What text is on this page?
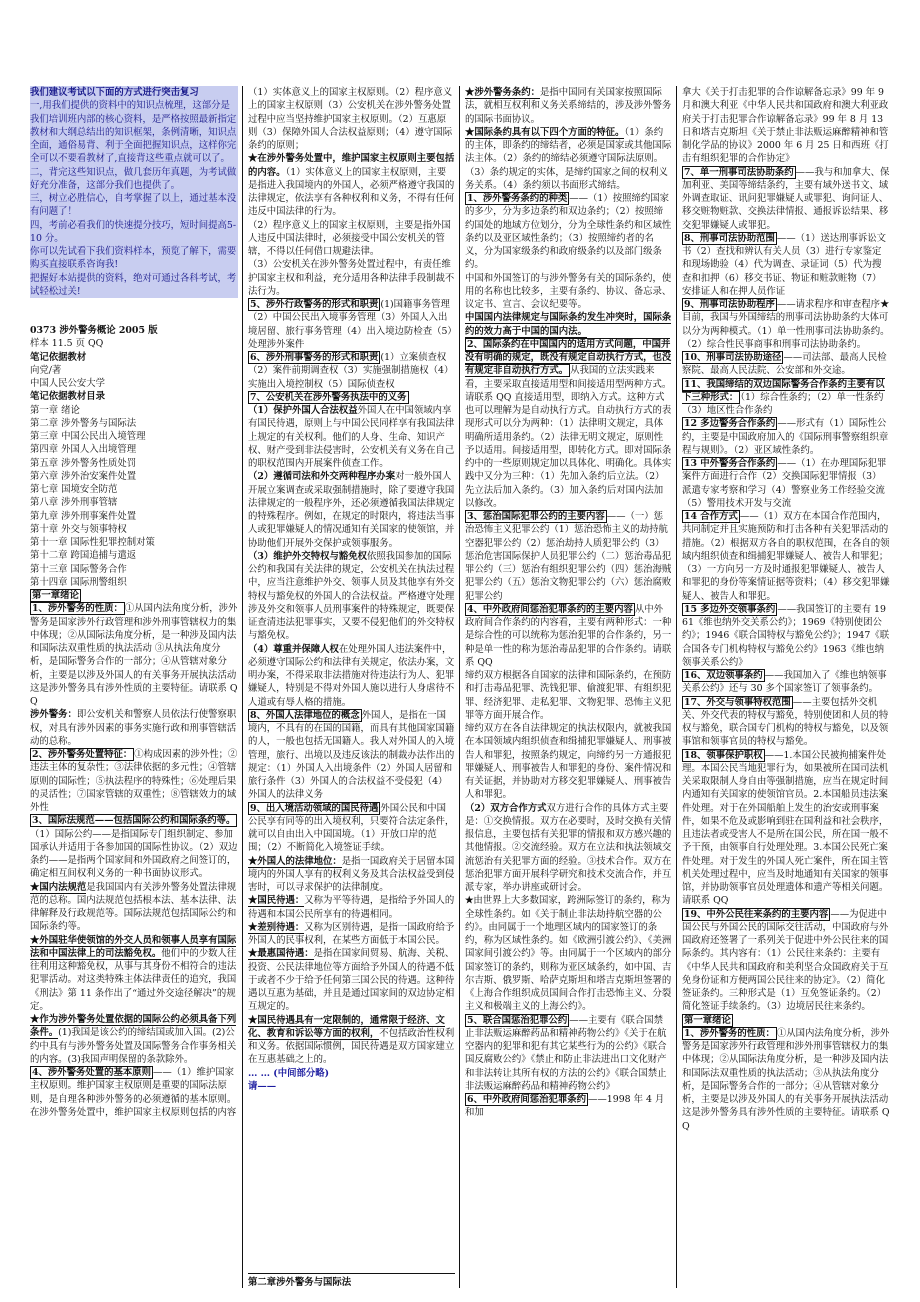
我们建议考试以下面的方式进行突击复习

一,用我们提供的资料中的知识点梳理，这部分是我们培训班内部的核心资料，是严格按照最新指定教材和大纲总结出的知识框架，条例清晰，知识点全面，通俗易背、利于全面把握知识点，这样你完全可以不要看教材了,直接背这些重点就可以了。

二，背完这些知识点，做几套历年真题，为考试做好充分准备，这部分我们也提供了。

三，树立必胜信心，自考掌握了以上，通过基本没有问题了！

四，考前必看我们的快速提分技巧，短时间提高5-10 分。

你可以先试看下我们资料样本，预览了解下，需要购买直接联系咨询我!

把握好本站提供的资料，绝对可通过各科考试，考试轻松过关!

0373 涉外警务概论 2005 版

样本 11.5 页 QQ

笔记依据教材

向党/著

中国人民公安大学

笔记依据教材目录

第一章 绪论

第二章 涉外警务与国际法

第三章 中国公民出入境管理

第四章 外国人入出境管理

第五章 涉外警务性质处罚

第六章 涉外治安案件处置

第七章 国境安全防范

第八章 涉外刑事管辖

第九章 涉外刑事案件处置

第十章 外交与领事特权

第十一章 国际性犯罪控制对策

第十二章 跨国追捕与遣返

第十三章 国际警务合作

第十四章 国际刑警组织

第一章绪论

1、涉外警务的性质： ①从国内法角度分析，涉外警务是国家涉外行政管理和涉外刑事管辖权力的集中体现；②从国际法角度分析，是一种涉及国内法和国际法双重性质的执法活动 ③从执法角度分析，是国际警务合作的一部分；④从管辖对象分析，主要是以涉及外国人的有关事务开展执法活动这是涉外警务具有涉外性质的主要特征。请联系 QQ

涉外警务：即公安机关和警察人员依法行使警察职权，对具有涉外因素的事务实施行政和刑事管辖活动的总称。

2、涉外警务处置特征： ①构成因素的涉外性；②违法主体的复杂性；③法律依据的多元性；④管辖原则的国际性；⑤执法程序的特殊性；⑥处理后果的灵活性；⑦国家管辖的双重性；⑧管辖效力的域外性

3、国际法规范——包括国际公约和国际条约等。（1）国际公约——是指国际专门组织制定、参加国承认并适用于各参加国的国际性协议。（2）双边条约——是指两个国家间和外国政府之间签订的，确定相互间权利义务的一种书面协议形式。

★国内法规范是我国国内有关涉外警务处置法律规范的总称。国内法规范包括根本法、基本法律、法律解释及行政规范等。国际法规范包括国际公约和国际条约等。

★外国驻华使领馆的外交人员和领事人员享有国际法和中国法律上的司法豁免权。他们中的少数人往往利用这种豁免权，从事与其身份不相符合的违法犯罪活动。对这类特殊主体法律责任的追究，我国《刑法》第 11 条作出了“通过外交途径解决”的规定。

★作为涉外警务处置依据的国际公约必须具备下列条件。(1)我国是该公约的缔结国或加入国。(2)公约中具有与涉外警务处置及国际警务合作事务相关的内容。(3)我国声明保留的条款除外。

4、涉外警务处置的基本原则 ——（1）维护国家主权原则。维护国家主权原则是重要的国际法原则，是自理各种涉外警务的必须遵循的基本原则。在涉外警务处置中，维护国家主权原则包括的内容

（1）实体意义上的国家主权原则。（2）程序意义上的国家主权原则（3）公安机关在涉外警务处置过程中应当坚持维护国家主权原则。（2）互惠原则（3）保障外国人合法权益原则；（4）遵守国际条约的原则；

★在涉外警务处置中，维护国家主权原则主要包括的内容。（1）实体意义上的国家主权原则，主要是指进入我国境内的外国人，必须严格遵守我国的法律规定，依法享有各种权利和义务，不得有任何违反中国法律的行为。

（2）程序意义上的国家主权原则，主要是指外国人违反中国法律时，必须接受中国公安机关的管辖，不得以任何借口规避法律。

（3）公安机关在涉外警务处置过程中，有责任维护国家主权和利益，充分适用各种法律手段制裁不法行为。

5、涉外行政警务的形式和职责 (1)国籍事务管理（2）中国公民出入境事务管理（3）外国人入出境居留、旅行事务管理（4）出入境边防检查（5）处理涉外案件

6、涉外刑事警务的形式和职责 (1）立案侦查权（2）案件前期调查权（3）实施强制措施权（4）实施出入境控制权（5）国际侦查权

7、公安机关在涉外警务执法中的义务

（1）保护外国人合法权益外国人在中国领域内享有国民待遇，原则上与中国公民同样享有我国法律上规定的有关权利。他们的人身、生命、知识产权、财产受到非法侵害时，公安机关有义务在自己的职权范围内开展案件侦查工作。

（2）遵循司法和外交两种程序办案对一般外国人开展立案调查或采取强制措施时，除了要遵守我国法律规定的一般程序外，还必须遵循我国法律规定的特殊程序。例如，在规定的时限内，将违法当事人或犯罪嫌疑人的情况通知有关国家的使领馆，并协助他们开展外交保护或领事服务。

（3）维护外交特权与豁免权依照我国参加的国际公约和我国有关法律的规定，公安机关在执法过程中，应当注意维护外交、领事人员及其他享有外交特权与豁免权的外国人的合法权益。严格遵守处理涉及外交和领事人员刑事案件的特殊规定，既要保证查清违法犯罪事实，又要不侵犯他们的外交特权与豁免权。

（4）尊重并保障人权在处理外国人违法案件中，必须遵守国际公约和法律有关规定，依法办案，文明办案，不得采取非法措施对待违法行为人、犯罪嫌疑人，特别是不得对外国人施以进行人身虐待不人道或有辱人格的措施。

8、外国人法律地位的概念 外国人，是指在一国境内，不具有的在国的国籍，而具有其他国家国籍的人，一般也包括无国籍人。我人对外国人的入境管理，旅行、出境以及违反该法的制裁办法作出的规定：（1）外国人入出境条件（2）外国人居留和旅行条件（3）外国人的合法权益不受侵犯（4）外国人的法律义务

9、出入境活动领域的国民待遇 外国公民和中国公民享有同等的出入境权利，只要符合法定条件，就可以自由出入中国国境。（1）开放口岸的范围；（2）不断简化入境签证手续。

★外国人的法律地位：是指一国政府关于居留本国境内的外国人享有的权利义务及其合法权益受到侵害时，可以寻求保护的法律制度。

★国民待遇：又称为平等待遇，是指给予外国人的待遇和本国公民所享有的待遇相同。

★差别待遇：又称为区别待遇，是指一国政府给予外国人的民事权利，在某些方面低于本国公民。

★最惠国待遇：是指在国家间贸易、航海、关税、投资、公民法律地位等方面给予外国人的待遇不低于或者不少于给予任何第三国公民的待遇。这种待遇以互惠为基础，并且是通过国家间的双边协定相互规定的。

★国民待遇具有一定限制的，通常限于经济、文化、教育和诉讼等方面的权利，不包括政治性权利和义务。依据国际惯例，国民待遇是双方国家建立在互惠基础之上的。

… … (中间部分略)

请——

第二章涉外警务与国际法

★涉外警务条约：是指中国同有关国家按照国际法，就相互权利和义务关系缔结的，涉及涉外警务的国际书面协议。

★国际条约具有以下四个方面的特征。（1）条约的主体，即条约的缔结者，必须是国家或其他国际法主体。（2）条约的缔结必须遵守国际法原则。（3）条约规定的实体，是缔约国家之间的权利义务关系。（4）条约须以书面形式缔结。

1、涉外警务条约的种类 ——（1）按照缔约国家的多少，分为多边条约和双边条约；（2）按照缔约国处的地域方位划分，分为全球性条约和区域性条约以及亚区域性条约；（3）按照缔约者的名义，分为国家级条约和政府级条约以及部门级条约。

中国和外国签订的与涉外警务有关的国际条约，使用的名称也比较多，主要有条约、协议、备忘录、议定书、宣言、会议纪要等。

中国国内法律规定与国际条约发生冲突时，国际条约的效力高于中国的国内法。

2、国际条约在中国国内的适用方式问题，中国并没有明确的规定，既没有规定自动执行方式，也没有规定非自动执行方式。 从我国的立法实践来看，主要采取直接适用型和间接适用型两种方式。请联系 QQ 直接适用型，即纳入方式。这种方式也可以理解为是自动执行方式。自动执行方式的表现形式可以分为两种：（1）法律明文规定，具体明确所适用条约。（2）法律无明文规定，原则性予以适用。间接适用型，即转化方式。即对国际条约中的一些原则规定加以具体化、明确化。具体实践中又分为三种：（1）先加入条约后立法。（2）先立法后加入条约。（3）加入条约后对国内法加以修改。

3、惩治国际犯罪公约的主要内容 ——（一）惩治恐怖主义犯罪公约（1）惩治恐怖主义的劫持航空器犯罪公约（2）惩治劫持人质犯罪公约（3）惩治危害国际保护人员犯罪公约（二）惩治毒品犯罪公约（三）惩治有组织犯罪公约（四）惩治海贼犯罪公约（五）惩治文物犯罪公约（六）惩治腐败犯罪公约

4、中外政府间惩治犯罪条约的主要内容 从中外政府间合作条约的内容看，主要有两种形式：一种是综合性的可以统称为惩治犯罪的合作条约，另一种是单一性的称为惩治毒品犯罪的合作条约。请联系 QQ

缔约双方根据各自国家的法律和国际条约，在预防和打击毒品犯罪、洗钱犯罪、偷渡犯罪、有组织犯罪、经济犯罪、走私犯罪、文物犯罪、恐怖主义犯罪等方面开展合作。

缔约双方在各自法律规定的执法权限内，就被我国在本国领域内组织侦查和缉捕犯罪嫌疑人、刑事被告人和罪犯，按照条约规定，向缔约另一方通报犯罪嫌疑人、刑事被告人和罪犯的身份、案件情况和有关证据，并协助对方移交犯罪嫌疑人、刑事被告人和罪犯。

（2）双方合作方式双方进行合作的具体方式主要是：①交换情报。双方在必要时，及时交换有关情报信息，主要包括有关犯罪的情报和双方感兴趣的其他情报。②交流经验。双方在立法和执法领域交流惩治有关犯罪方面的经验。③技术合作。双方在惩治犯罪方面开展科学研究和技术交流合作，并互派专家，举办讲座或研讨会。

★由世界上大多数国家，跨洲际签订的条约，称为全球性条约。如《关于制止非法劫持航空器的公约》。由同属于一个地理区域内的国家签订的条约，称为区域性条约。如《欧洲引渡公约》、《美洲国家间引渡公约》等。由同属于一个区域内的部分国家签订的条约，则称为亚区域条约，如中国、吉尔吉斯、俄罗斯、哈萨克斯坦和塔吉克斯坦签署的《上海合作组织成员国间合作打击恐怖主义、分裂主义和极端主义的上海公约》。

5、联合国惩治犯罪公约 ——主要有《联合国禁止非法贩运麻醉药品和精神药物公约》《关于在航空器内的犯罪和犯有其它某些行为的公约》《联合国反腐败公约》《禁止和防止非法进出口文化财产和非法转让其所有权的方法的公约》《联合国禁止非法贩运麻醉药品和精神药物公约》

6、中外政府间惩治犯罪条约 ——1998 年 4 月和加

拿大《关于打击犯罪的合作谅解备忘录》99 年 9 月和澳大利亚《中华人民共和国政府和澳大利亚政府关于打击犯罪合作谅解备忘录》99 年 8 月 13 日和塔吉克斯坦《关于禁止非法贩运麻醉精神和管制化学品的协议》2000 年 6 月 25 日和西班《打击有组织犯罪的合作协定》

7、单一刑事司法协助条约 ——我与和加拿大、保加利亚、美国等缔结条约，主要有域外送书文、域外调查取证、讯问犯罪嫌疑人或罪犯、询问证人、移交赃物赃款、交换法律情报、通报诉讼结果、移交犯罪嫌疑人或罪犯。

8、刑事司法协助范围 ——（1）送达刑事诉讼文书（2）查找和辨认有关人员（3）进行专家鉴定和现场勘验（4）代为调查、录证词（5）代为搜查和扣押（6）移交书证、物证和赃款赃物（7）安排证人和在押人员作证

9、刑事司法协助程序 ——请求程序和审查程序★目前，我国与外国缔结的刑事司法协助条约大体可以分为两种模式。（1）单一性刑事司法协助条约。（2）综合性民事商事和刑事司法协助条约。

10、刑事司法协助途径 ——司法部、最高人民检察院、最高人民法院、公安部和外交途。

11、我国缔结的双边国际警务合作条约主要有以下三种形式： （1）综合性条约；（2）单一性条约（3）地区性合作条约

12 多边警务合作条约 ——形式有（1）国际性公约，主要是中国政府加入的《国际刑事警察组织章程与规则》。（2）亚区域性条约。

13 中外警务合作条约 ——（1）在办理国际犯罪案件方面进行合作（2）交换国际犯罪情报（3）派遣专家考察和学习（4）警察业务工作经验交流（5）警用技术开发与交流

14 合作方式 ——（1）双方在本国合作范围内，共同制定并且实施预防和打击各种有关犯罪活动的措施。（2）根据双方各自的职权范围，在各自的领域内组织侦查和缉捕犯罪嫌疑人、被告人和罪犯；（3）一方向另一方及时通报犯罪嫌疑人、被告人和罪犯的身份等案情证据等资料；（4）移交犯罪嫌疑人、被告人和罪犯。

15 多边外交领事条约 ——我国签订的主要有 1961《维也纳外交关系公约》；1969《特别使团公约》；1946《联合国特权与豁免公约》；1947《联合国各专门机构特权与豁免公约》1963《维也纳领事关系公约》

16、双边领事条约 ——我国加入了《维也纳领事关系公约》还与 30 多个国家签订了领事条约。

17、外交与领事特权范围 ——主要包括外交机关、外交代表的特权与豁免，特别使团和人员的特权与豁免，联合国专门机构的特权与豁免，以及领事馆和领事官员的特权与豁免。

18、领事保护职权 ——1.本国公民被拘捕案件处理。本国公民当地犯罪行为，如果被所在国司法机关采取限制人身自由等强制措施，应当在规定时间内通知有关国家的使领馆官员。2.本国船员违法案件处理。对于在外国船舶上发生的治安或刑事案件，如果不危及或影响到驻在国利益和社会秩序，且违法者或受害人不是所在国公民，所在国一般不予干预，由领事自行处理处理。3.本国公民死亡案件处理。对于发生的外国人死亡案件，所在国主管机关处理过程中，应当及时地通知有关国家的领事馆，并协助领事官员处理遗体和遗产等相关问题。请联系 QQ

19、中外公民往来条约的主要内容 ——为促进中国公民与外国公民的国际交往活动，中国政府与外国政府还签署了一系列关于促进中外公民往来的国际条约。其内容有：（1）公民往来条约：主要有《中华人民共和国政府和美利坚合众国政府关于互免身份证和方便两国公民往来的协定》。（2）简化签证条约。三种形式是（1）互免签证条约。（2）简化签证手续条约。（3）边境居民往来条约。

第一章绪论

1、涉外警务的性质： ①从国内法角度分析，涉外警务是国家涉外行政管理和涉外刑事管辖权力的集中体现；②从国际法角度分析，是一种涉及国内法和国际法双重性质的执法活动；③从执法角度分析，是国际警务合作的一部分；④从管辖对象分析，主要是以涉及外国人的有关事务开展执法活动这是涉外警务具有涉外性质的主要特征。请联系 QQ
